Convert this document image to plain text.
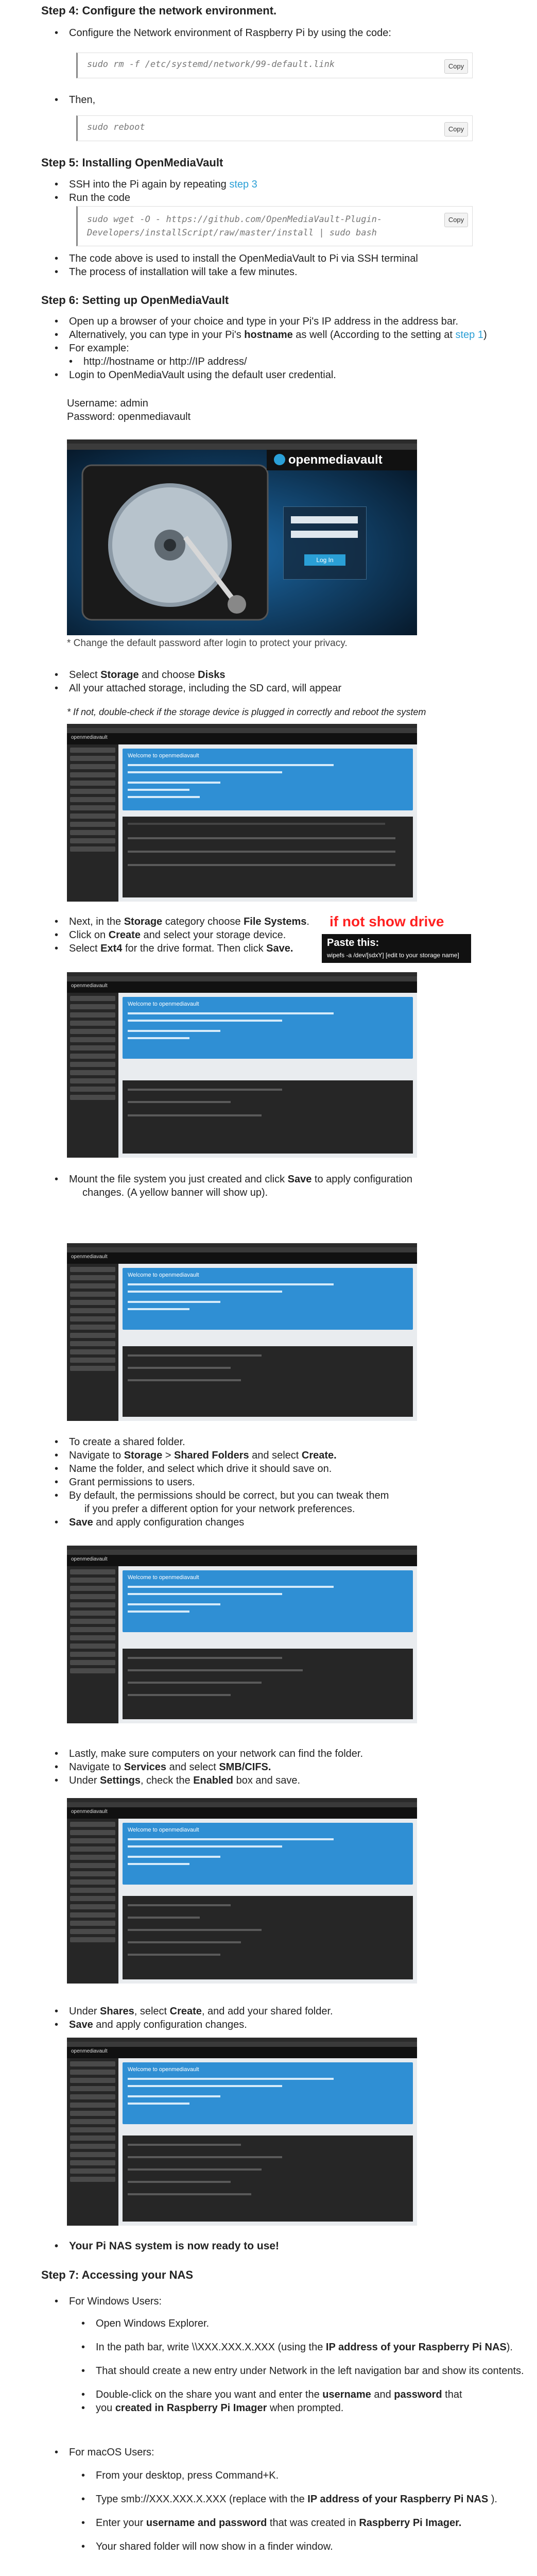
Step 4: Configure the network environment.
• Configure the Network environment of Raspberry Pi by using the code:
sudo rm -f /etc/systemd/network/99-default.link	Copy
• Then,
sudo reboot	Copy
Step 5: Installing OpenMediaVault
• SSH into the Pi again by repeating step 3
• Run the code
sudo wget -O - https://github.com/OpenMediaVault-Plugin-
Developers/installScript/raw/master/install | sudo bash
Copy
• The code above is used to install the OpenMediaVault to Pi via SSH terminal
• The process of installation will take a few minutes.
Step 6: Setting up OpenMediaVault
• Open up a browser of your choice and type in your Pi's IP address in the address bar.
• Alternatively, you can type in your Pi's hostname as well (According to the setting at step 1)
• For example:
• http://hostname or http://IP address/
• Login to OpenMediaVault using the default user credential.
Username: admin
Password: openmediavault
openmediavault
Log In
* Change the default password after login to protect your privacy.
• Select Storage and choose Disks
• All your attached storage, including the SD card, will appear
* If not, double-check if the storage device is plugged in correctly and reboot the system
openmediavault
Welcome to openmediavault
• Next, in the Storage category choose File Systems.
• Click on Create and select your storage device.
• Select Ext4 for the drive format. Then click Save.
if not show drive
Paste this:
wipefs -a /dev/[sdxY] [edit to your storage name]
openmediavault
Welcome to openmediavault
• Mount the file system you just created and click Save to apply configuration
changes. (A yellow banner will show up).
openmediavault
Welcome to openmediavault
• To create a shared folder.
• Navigate to Storage > Shared Folders and select Create.
• Name the folder, and select which drive it should save on.
• Grant permissions to users.
• By default, the permissions should be correct, but you can tweak them
if you prefer a different option for your network preferences.
• Save and apply configuration changes
openmediavault
Welcome to openmediavault
• Lastly, make sure computers on your network can find the folder.
• Navigate to Services and select SMB/CIFS.
• Under Settings, check the Enabled box and save.
openmediavault
Welcome to openmediavault
• Under Shares, select Create, and add your shared folder.
• Save and apply configuration changes.
openmediavault
Welcome to openmediavault
• Your Pi NAS system is now ready to use!
Step 7: Accessing your NAS
• For Windows Users:
• Open Windows Explorer.
• In the path bar, write \\XXX.XXX.X.XXX (using the IP address of your Raspberry Pi NAS).
• That should create a new entry under Network in the left navigation bar and show its contents.
• Double-click on the share you want and enter the username and password that
• you created in Raspberry Pi Imager when prompted.
• For macOS Users:
• From your desktop, press Command+K.
• Type smb://XXX.XXX.X.XXX (replace with the IP address of your Raspberry Pi NAS ).
• Enter your username and password that was created in Raspberry Pi Imager.
• Your shared folder will now show in a finder window.
